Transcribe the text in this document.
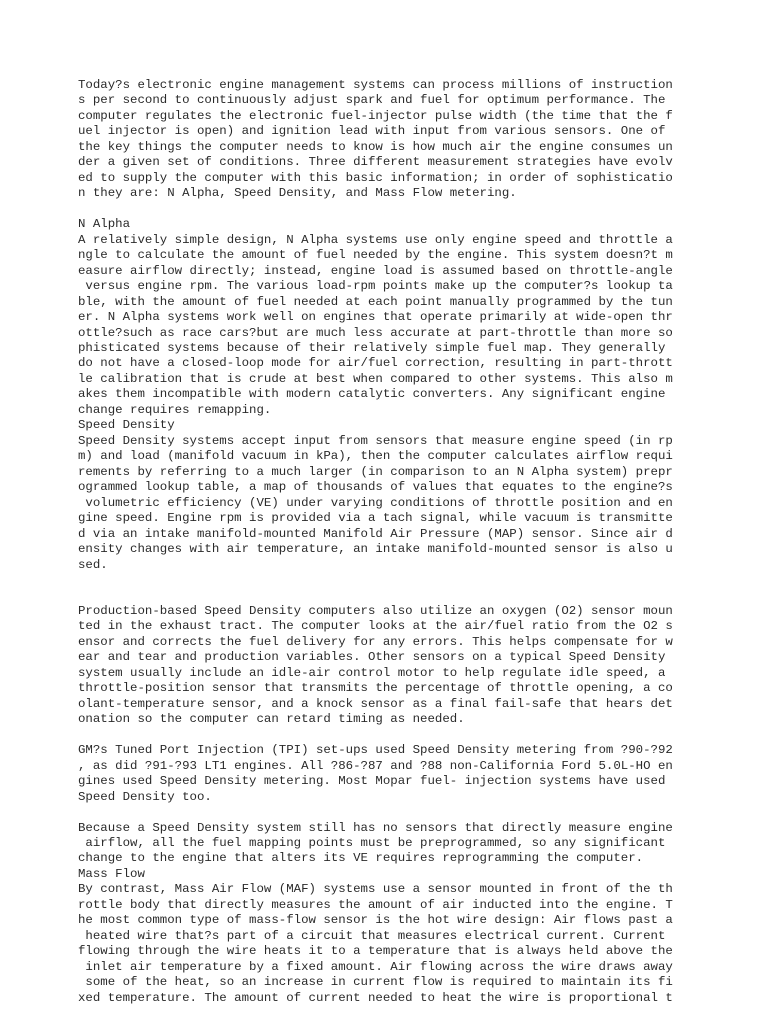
Today?s electronic engine management systems can process millions of instruction
s per second to continuously adjust spark and fuel for optimum performance. The
computer regulates the electronic fuel-injector pulse width (the time that the f
uel injector is open) and ignition lead with input from various sensors. One of
the key things the computer needs to know is how much air the engine consumes un
der a given set of conditions. Three different measurement strategies have evolv
ed to supply the computer with this basic information; in order of sophisticatio
n they are: N Alpha, Speed Density, and Mass Flow metering.
N Alpha
A relatively simple design, N Alpha systems use only engine speed and throttle a
ngle to calculate the amount of fuel needed by the engine. This system doesn?t m
easure airflow directly; instead, engine load is assumed based on throttle-angle
versus engine rpm. The various load-rpm points make up the computer?s lookup ta
ble, with the amount of fuel needed at each point manually programmed by the tun
er. N Alpha systems work well on engines that operate primarily at wide-open thr
ottle?such as race cars?but are much less accurate at part-throttle than more so
phisticated systems because of their relatively simple fuel map. They generally
do not have a closed-loop mode for air/fuel correction, resulting in part-thrott
le calibration that is crude at best when compared to other systems. This also m
akes them incompatible with modern catalytic converters. Any significant engine
change requires remapping.
Speed Density
Speed Density systems accept input from sensors that measure engine speed (in rp
m) and load (manifold vacuum in kPa), then the computer calculates airflow requi
rements by referring to a much larger (in comparison to an N Alpha system) prepr
ogrammed lookup table, a map of thousands of values that equates to the engine?s
volumetric efficiency (VE) under varying conditions of throttle position and en
gine speed. Engine rpm is provided via a tach signal, while vacuum is transmitte
d via an intake manifold-mounted Manifold Air Pressure (MAP) sensor. Since air d
ensity changes with air temperature, an intake manifold-mounted sensor is also u
sed.
Production-based Speed Density computers also utilize an oxygen (O2) sensor moun
ted in the exhaust tract. The computer looks at the air/fuel ratio from the O2 s
ensor and corrects the fuel delivery for any errors. This helps compensate for w
ear and tear and production variables. Other sensors on a typical Speed Density
system usually include an idle-air control motor to help regulate idle speed, a
throttle-position sensor that transmits the percentage of throttle opening, a co
olant-temperature sensor, and a knock sensor as a final fail-safe that hears det
onation so the computer can retard timing as needed.
GM?s Tuned Port Injection (TPI) set-ups used Speed Density metering from ?90-?92
, as did ?91-?93 LT1 engines. All ?86-?87 and ?88 non-California Ford 5.0L-HO en
gines used Speed Density metering. Most Mopar fuel- injection systems have used
Speed Density too.
Because a Speed Density system still has no sensors that directly measure engine
airflow, all the fuel mapping points must be preprogrammed, so any significant
change to the engine that alters its VE requires reprogramming the computer.
Mass Flow
By contrast, Mass Air Flow (MAF) systems use a sensor mounted in front of the th
rottle body that directly measures the amount of air inducted into the engine. T
he most common type of mass-flow sensor is the hot wire design: Air flows past a
heated wire that?s part of a circuit that measures electrical current. Current
flowing through the wire heats it to a temperature that is always held above the
inlet air temperature by a fixed amount. Air flowing across the wire draws away
some of the heat, so an increase in current flow is required to maintain its fi
xed temperature. The amount of current needed to heat the wire is proportional t
